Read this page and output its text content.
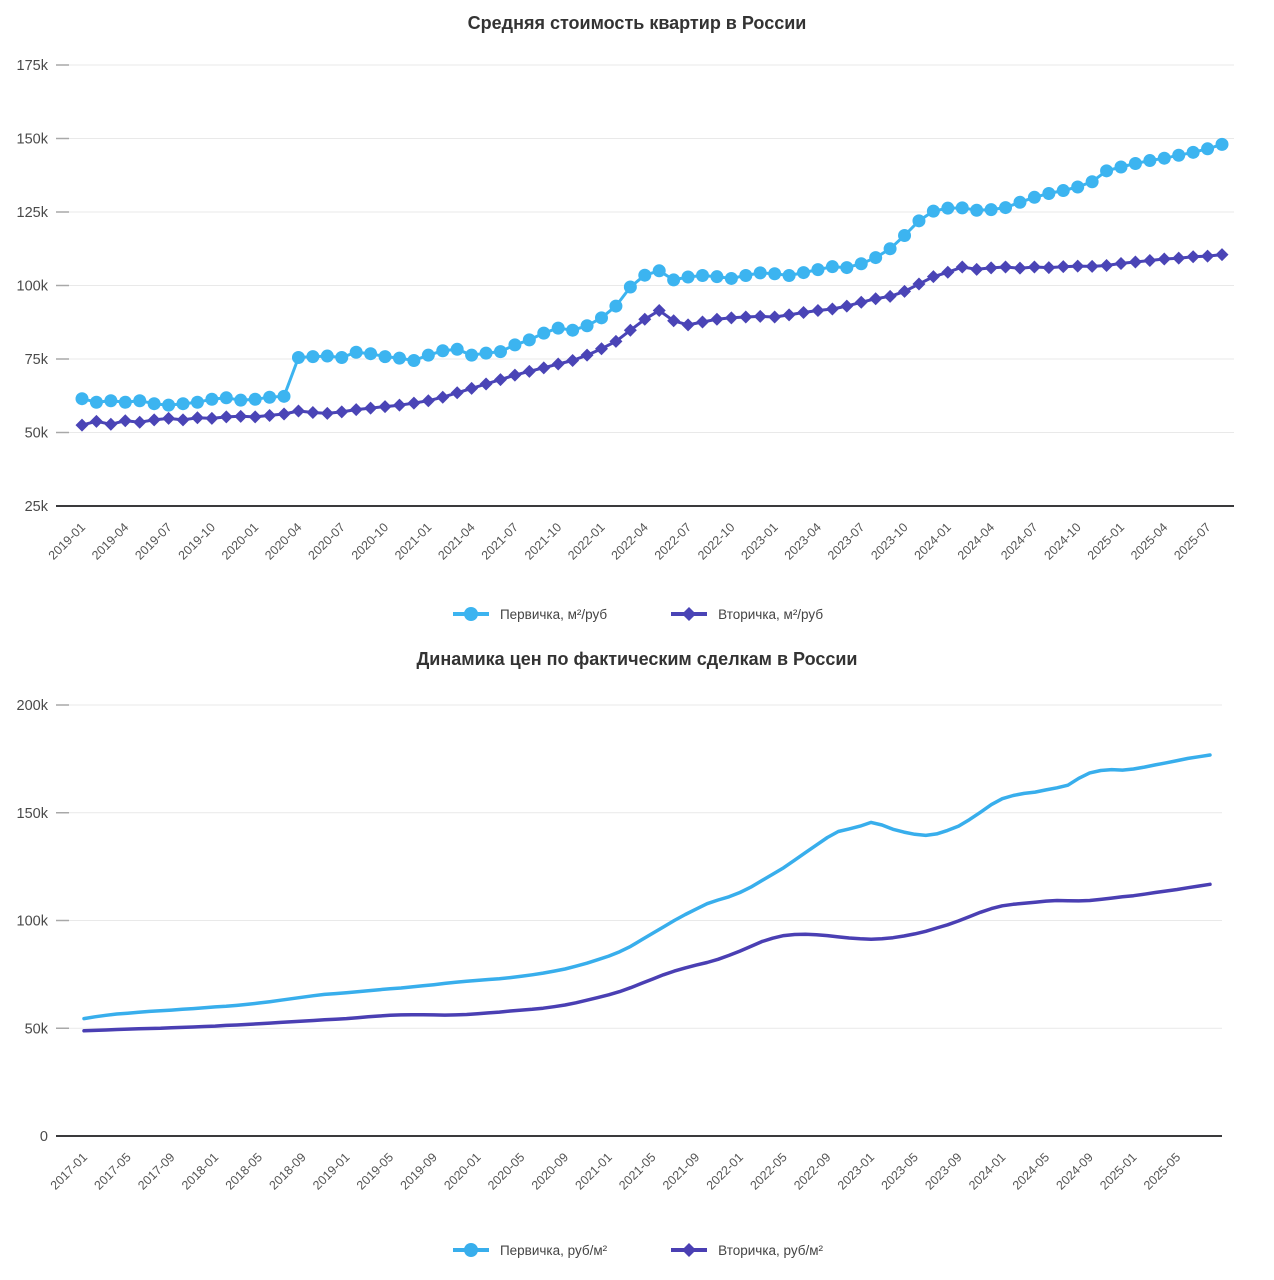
Средняя стоимость квартир в России
175k
150k
125k
100k
75k
50k
25k
2019-01 2019-04 2019-07 2019-10 2020-01 2020-04 2020-07 2020-10 2021-01 2021-04 2021-07 2021-10 2022-01 2022-04 2022-07 2022-10 2023-01 2023-04 2023-07 2023-10 2024-01 2024-04 2024-07 2024-10 2025-01 2025-04 2025-07
Первичка, м²/руб	Вторичка, м²/руб
Динамика цен по фактическим сделкам в России
200k
150k
100k
50k
0
2017-01 2017-05 2017-09 2018-01 2018-05 2018-09 2019-01 2019-05 2019-09 2020-01 2020-05 2020-09 2021-01 2021-05 2021-09 2022-01 2022-05 2022-09 2023-01 2023-05 2023-09 2024-01 2024-05 2024-09 2025-01 2025-05
Первичка, руб/м²	Вторичка, руб/м²
